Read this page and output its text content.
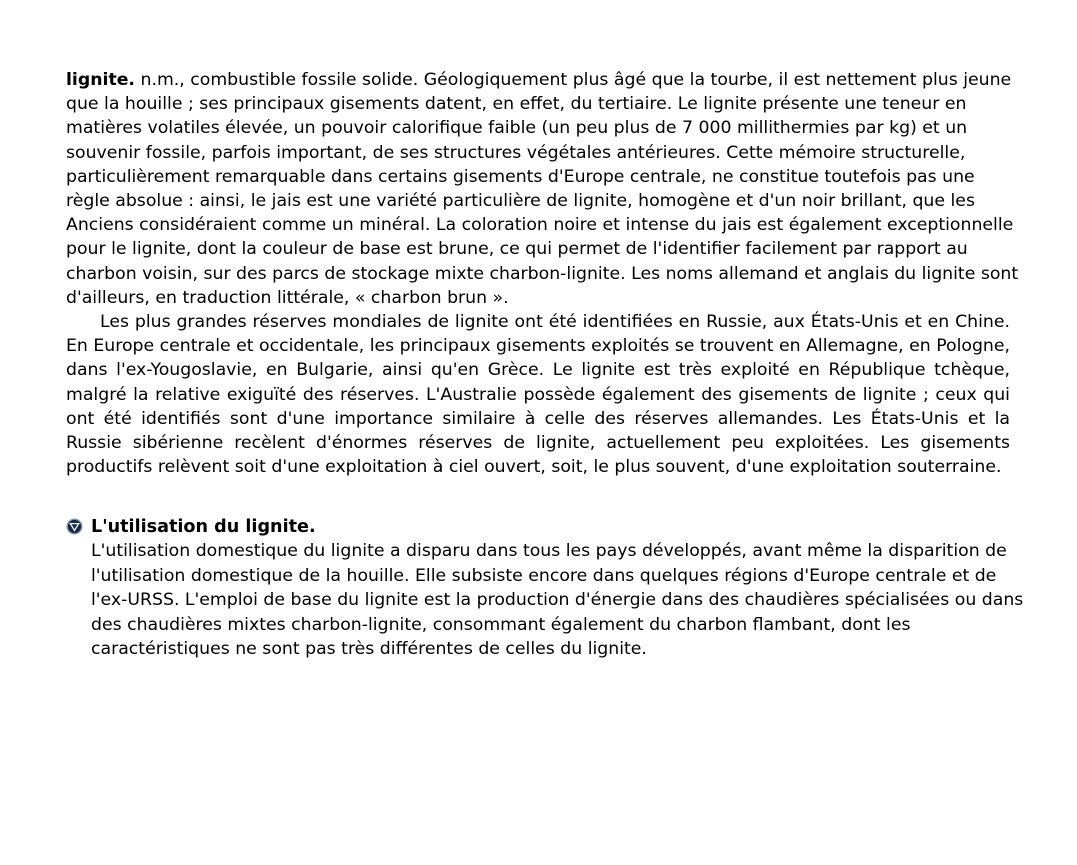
lignite. n.m., combustible fossile solide. Géologiquement plus âgé que la tourbe, il est nettement plus jeune que la houille ; ses principaux gisements datent, en effet, du tertiaire. Le lignite présente une teneur en matières volatiles élevée, un pouvoir calorifique faible (un peu plus de 7 000 millithermies par kg) et un souvenir fossile, parfois important, de ses structures végétales antérieures. Cette mémoire structurelle, particulièrement remarquable dans certains gisements d'Europe centrale, ne constitue toutefois pas une règle absolue : ainsi, le jais est une variété particulière de lignite, homogène et d'un noir brillant, que les Anciens considéraient comme un minéral. La coloration noire et intense du jais est également exceptionnelle pour le lignite, dont la couleur de base est brune, ce qui permet de l'identifier facilement par rapport au charbon voisin, sur des parcs de stockage mixte charbon-lignite. Les noms allemand et anglais du lignite sont d'ailleurs, en traduction littérale, « charbon brun ».

Les plus grandes réserves mondiales de lignite ont été identifiées en Russie, aux États-Unis et en Chine. En Europe centrale et occidentale, les principaux gisements exploités se trouvent en Allemagne, en Pologne, dans l'ex-Yougoslavie, en Bulgarie, ainsi qu'en Grèce. Le lignite est très exploité en République tchèque, malgré la relative exiguïté des réserves. L'Australie possède également des gisements de lignite ; ceux qui ont été identifiés sont d'une importance similaire à celle des réserves allemandes. Les États-Unis et la Russie sibérienne recèlent d'énormes réserves de lignite, actuellement peu exploitées. Les gisements productifs relèvent soit d'une exploitation à ciel ouvert, soit, le plus souvent, d'une exploitation souterraine.

L'utilisation du lignite.

L'utilisation domestique du lignite a disparu dans tous les pays développés, avant même la disparition de l'utilisation domestique de la houille. Elle subsiste encore dans quelques régions d'Europe centrale et de l'ex-URSS. L'emploi de base du lignite est la production d'énergie dans des chaudières spécialisées ou dans des chaudières mixtes charbon-lignite, consommant également du charbon flambant, dont les caractéristiques ne sont pas très différentes de celles du lignite.
